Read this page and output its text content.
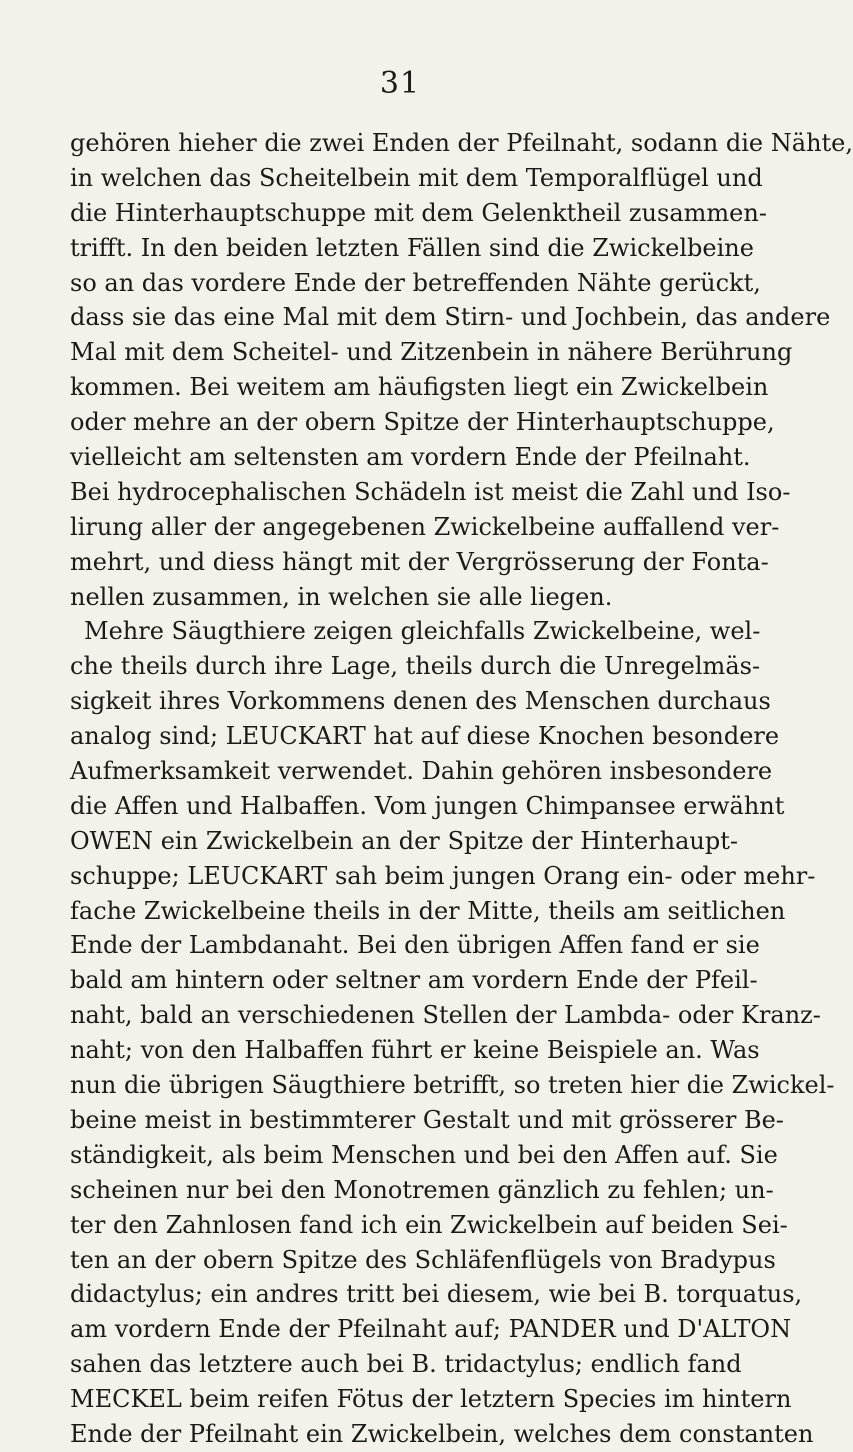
31
gehören hieher die zwei Enden der Pfeilnaht, sodann die Nähte,
in welchen das Scheitelbein mit dem Temporalflügel und
die Hinterhauptschuppe mit dem Gelenktheil zusammen-
trifft. In den beiden letzten Fällen sind die Zwickelbeine
so an das vordere Ende der betreffenden Nähte gerückt,
dass sie das eine Mal mit dem Stirn- und Jochbein, das andere
Mal mit dem Scheitel- und Zitzenbein in nähere Berührung
kommen. Bei weitem am häufigsten liegt ein Zwickelbein
oder mehre an der obern Spitze der Hinterhauptschuppe,
vielleicht am seltensten am vordern Ende der Pfeilnaht.
Bei hydrocephalischen Schädeln ist meist die Zahl und Iso-
lirung aller der angegebenen Zwickelbeine auffallend ver-
mehrt, und diess hängt mit der Vergrösserung der Fonta-
nellen zusammen, in welchen sie alle liegen.
Mehre Säugthiere zeigen gleichfalls Zwickelbeine, wel-
che theils durch ihre Lage, theils durch die Unregelmäs-
sigkeit ihres Vorkommens denen des Menschen durchaus
analog sind; LEUCKART hat auf diese Knochen besondere
Aufmerksamkeit verwendet. Dahin gehören insbesondere
die Affen und Halbaffen. Vom jungen Chimpansee erwähnt
OWEN ein Zwickelbein an der Spitze der Hinterhaupt-
schuppe; LEUCKART sah beim jungen Orang ein- oder mehr-
fache Zwickelbeine theils in der Mitte, theils am seitlichen
Ende der Lambdanaht. Bei den übrigen Affen fand er sie
bald am hintern oder seltner am vordern Ende der Pfeil-
naht, bald an verschiedenen Stellen der Lambda- oder Kranz-
naht; von den Halbaffen führt er keine Beispiele an. Was
nun die übrigen Säugthiere betrifft, so treten hier die Zwickel-
beine meist in bestimmterer Gestalt und mit grösserer Be-
ständigkeit, als beim Menschen und bei den Affen auf. Sie
scheinen nur bei den Monotremen gänzlich zu fehlen; un-
ter den Zahnlosen fand ich ein Zwickelbein auf beiden Sei-
ten an der obern Spitze des Schläfenflügels von Bradypus
didactylus; ein andres tritt bei diesem, wie bei B. torquatus,
am vordern Ende der Pfeilnaht auf; PANDER und D'ALTON
sahen das letztere auch bei B. tridactylus; endlich fand
MECKEL beim reifen Fötus der letztern Species im hintern
Ende der Pfeilnaht ein Zwickelbein, welches dem constanten
